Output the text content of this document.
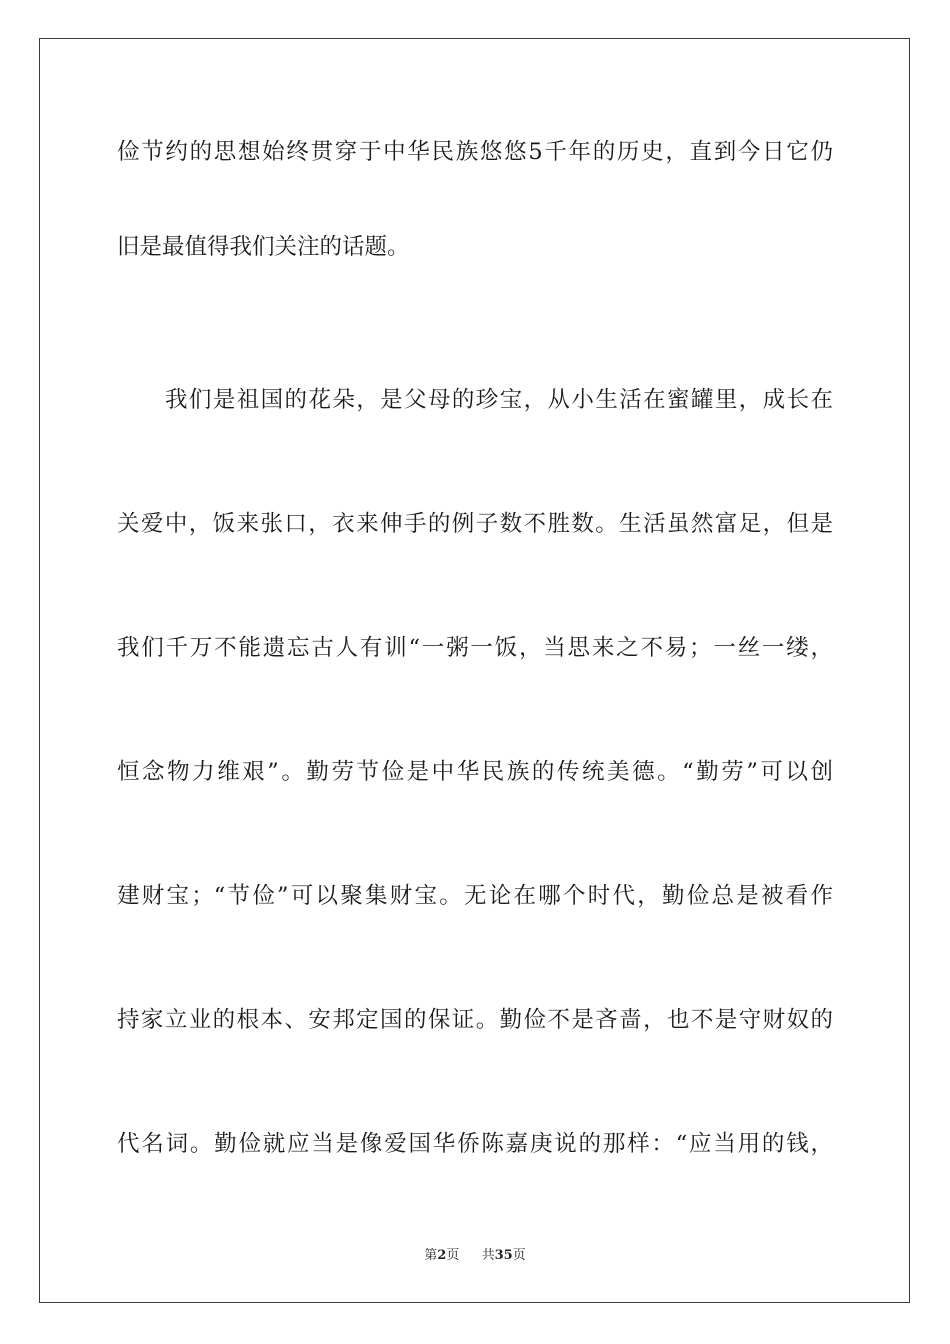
俭节约的思想始终贯穿于中华民族悠悠5千年的历史，直到今日它仍
旧是最值得我们关注的话题。
我们是祖国的花朵，是父母的珍宝，从小生活在蜜罐里，成长在
关爱中，饭来张口，衣来伸手的例子数不胜数。生活虽然富足，但是
我们千万不能遗忘古人有训“一粥一饭，当思来之不易；一丝一缕，
恒念物力维艰”。勤劳节俭是中华民族的传统美德。“勤劳”可以创
建财宝；“节俭”可以聚集财宝。无论在哪个时代，勤俭总是被看作
持家立业的根本、安邦定国的保证。勤俭不是吝啬，也不是守财奴的
代名词。勤俭就应当是像爱国华侨陈嘉庚说的那样：“应当用的钱，
第2页 共35页
